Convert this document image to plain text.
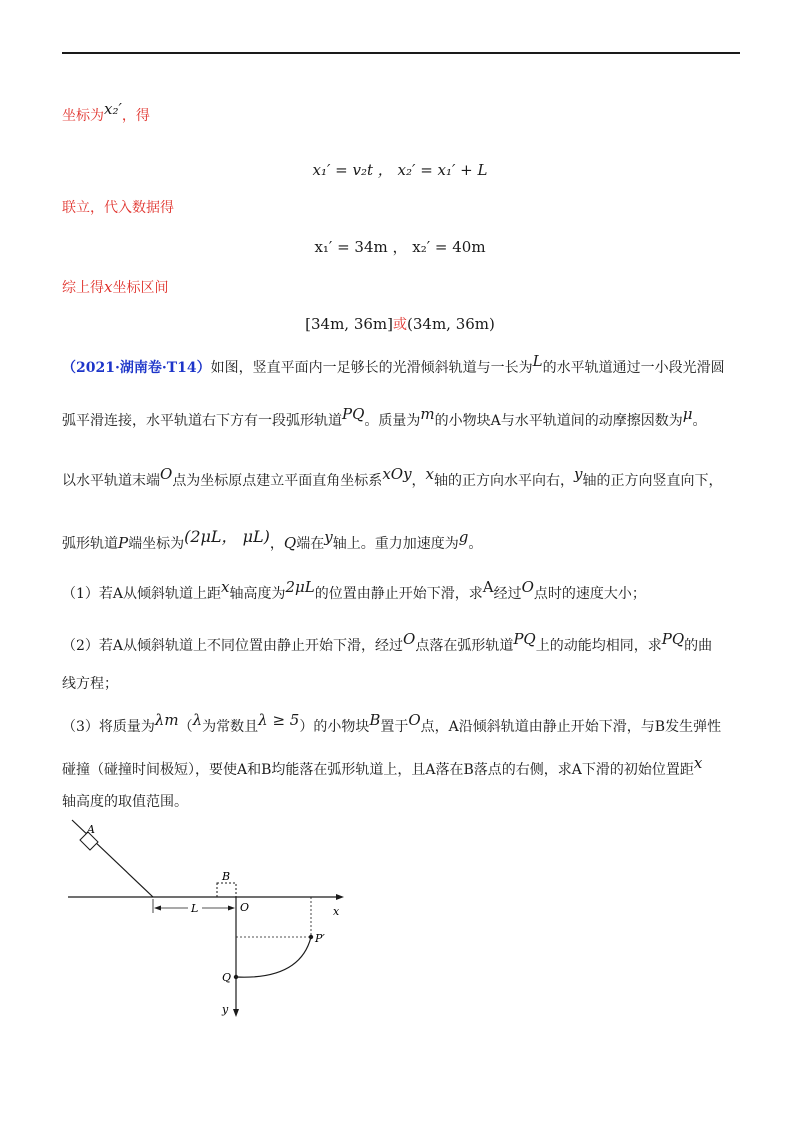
坐标为x₂′，得
x₁′ = v₂t ， x₂′ = x₁′ + L
联立，代入数据得
x₁′ = 34m ， x₂′ = 40m
综上得x坐标区间
[34m, 36m]或(34m, 36m)
（2021·湖南卷·T14）如图，竖直平面内一足够长的光滑倾斜轨道与一长为L的水平轨道通过一小段光滑圆
弧平滑连接，水平轨道右下方有一段弧形轨道PQ。质量为m的小物块A与水平轨道间的动摩擦因数为μ。
以水平轨道末端O点为坐标原点建立平面直角坐标系xOy，x轴的正方向水平向右，y轴的正方向竖直向下，
弧形轨道P端坐标为(2μL， μL)，Q端在y轴上。重力加速度为g。
（1）若A从倾斜轨道上距x轴高度为2μL的位置由静止开始下滑，求A经过O点时的速度大小；
（2）若A从倾斜轨道上不同位置由静止开始下滑，经过O点落在弧形轨道PQ上的动能均相同，求PQ的曲
线方程；
（3）将质量为λm（λ为常数且λ ≥ 5）的小物块B置于O点，A沿倾斜轨道由静止开始下滑，与B发生弹性
碰撞（碰撞时间极短），要使A和B均能落在弧形轨道上，且A落在B落点的右侧，求A下滑的初始位置距x
轴高度的取值范围。
A
x
B
L	O
y
P′
Q
